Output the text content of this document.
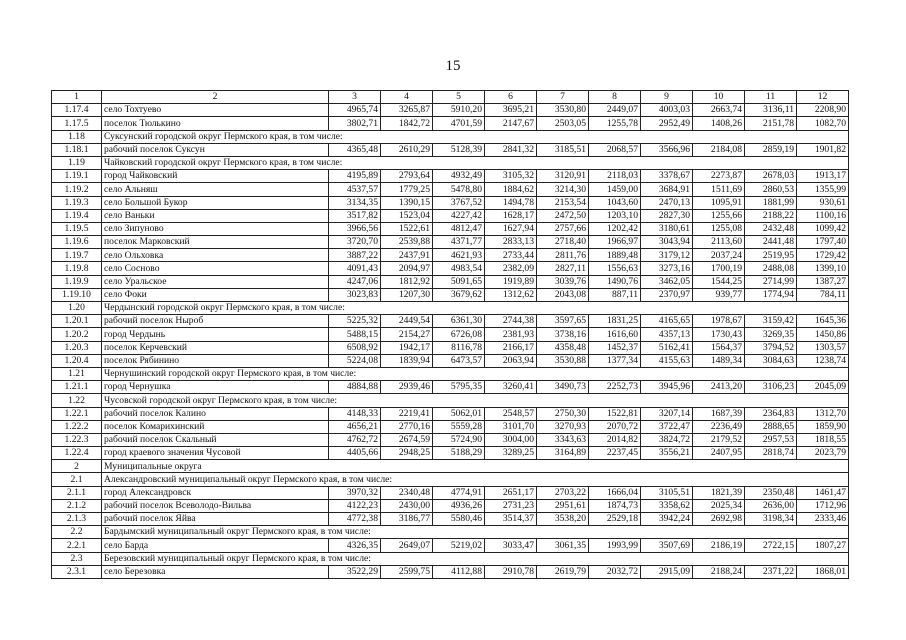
15
1	2	3	4	5	6	7	8	9	10	11	12
1.17.4	село Тохтуево	4965,74	3265,87	5910,20	3695,21	3530,80	2449,07	4003,03	2663,74	3136,11	2208,90
1.17.5	поселок Тюлькино	3802,71	1842,72	4701,59	2147,67	2503,05	1255,78	2952,49	1408,26	2151,78	1082,70
1.18	Суксунский городской округ Пермского края, в том числе:										
1.18.1	рабочий поселок Суксун	4365,48	2610,29	5128,39	2841,32	3185,51	2068,57	3566,96	2184,08	2859,19	1901,82
1.19	Чайковский городской округ Пермского края, в том числе:										
1.19.1	город Чайковский	4195,89	2793,64	4932,49	3105,32	3120,91	2118,03	3378,67	2273,87	2678,03	1913,17
1.19.2	село Альняш	4537,57	1779,25	5478,80	1884,62	3214,30	1459,00	3684,91	1511,69	2860,53	1355,99
1.19.3	село Большой Букор	3134,35	1390,15	3767,52	1494,78	2153,54	1043,60	2470,13	1095,91	1881,99	930,61
1.19.4	село Ваньки	3517,82	1523,04	4227,42	1628,17	2472,50	1203,10	2827,30	1255,66	2188,22	1100,16
1.19.5	село Зипуново	3966,56	1522,61	4812,47	1627,94	2757,66	1202,42	3180,61	1255,08	2432,48	1099,42
1.19.6	поселок Марковский	3720,70	2539,88	4371,77	2833,13	2718,40	1966,97	3043,94	2113,60	2441,48	1797,40
1.19.7	село Ольховка	3887,22	2437,91	4621,93	2733,44	2811,76	1889,48	3179,12	2037,24	2519,95	1729,42
1.19.8	село Сосново	4091,43	2094,97	4983,54	2382,09	2827,11	1556,63	3273,16	1700,19	2488,08	1399,10
1.19.9	село Уральское	4247,06	1812,92	5091,65	1919,89	3039,76	1490,76	3462,05	1544,25	2714,99	1387,27
1.19.10	село Фоки	3023,83	1207,30	3679,62	1312,62	2043,08	887,11	2370,97	939,77	1774,94	784,11
1.20	Чердынский городской округ Пермского края, в том числе:										
1.20.1	рабочий поселок Ныроб	5225,32	2449,54	6361,30	2744,38	3597,65	1831,25	4165,65	1978,67	3159,42	1645,36
1.20.2	город Чердынь	5488,15	2154,27	6726,08	2381,93	3738,16	1616,60	4357,13	1730,43	3269,35	1450,86
1.20.3	поселок Керчевский	6508,92	1942,17	8116,78	2166,17	4358,48	1452,37	5162,41	1564,37	3794,52	1303,57
1.20.4	поселок Рябинино	5224,08	1839,94	6473,57	2063,94	3530,88	1377,34	4155,63	1489,34	3084,63	1238,74
1.21	Чернушинский городской округ Пермского края, в том числе:										
1.21.1	город Чернушка	4884,88	2939,46	5795,35	3260,41	3490,73	2252,73	3945,96	2413,20	3106,23	2045,09
1.22	Чусовской городской округ Пермского края, в том числе:										
1.22.1	рабочий поселок Калино	4148,33	2219,41	5062,01	2548,57	2750,30	1522,81	3207,14	1687,39	2364,83	1312,70
1.22.2	поселок Комарихинский	4656,21	2770,16	5559,28	3101,70	3270,93	2070,72	3722,47	2236,49	2888,65	1859,90
1.22.3	рабочий поселок Скальный	4762,72	2674,59	5724,90	3004,00	3343,63	2014,82	3824,72	2179,52	2957,53	1818,55
1.22.4	город краевого значения Чусовой	4405,66	2948,25	5188,29	3289,25	3164,89	2237,45	3556,21	2407,95	2818,74	2023,79
2	Муниципальные округа										
2.1	Александровский муниципальный округ Пермского края, в том числе:										
2.1.1	город Александровск	3970,32	2340,48	4774,91	2651,17	2703,22	1666,04	3105,51	1821,39	2350,48	1461,47
2.1.2	рабочий поселок Всеволодо-Вильва	4122,23	2430,00	4936,26	2731,23	2951,61	1874,73	3358,62	2025,34	2636,00	1712,96
2.1.3	рабочий поселок Яйва	4772,38	3186,77	5580,46	3514,37	3538,20	2529,18	3942,24	2692,98	3198,34	2333,46
2.2	Бардымский муниципальный округ Пермского края, в том числе:										
2.2.1	село Барда	4326,35	2649,07	5219,02	3033,47	3061,35	1993,99	3507,69	2186,19	2722,15	1807,27
2.3	Березовский муниципальный округ Пермского края, в том числе:										
2.3.1	село Березовка	3522,29	2599,75	4112,88	2910,78	2619,79	2032,72	2915,09	2188,24	2371,22	1868,01
